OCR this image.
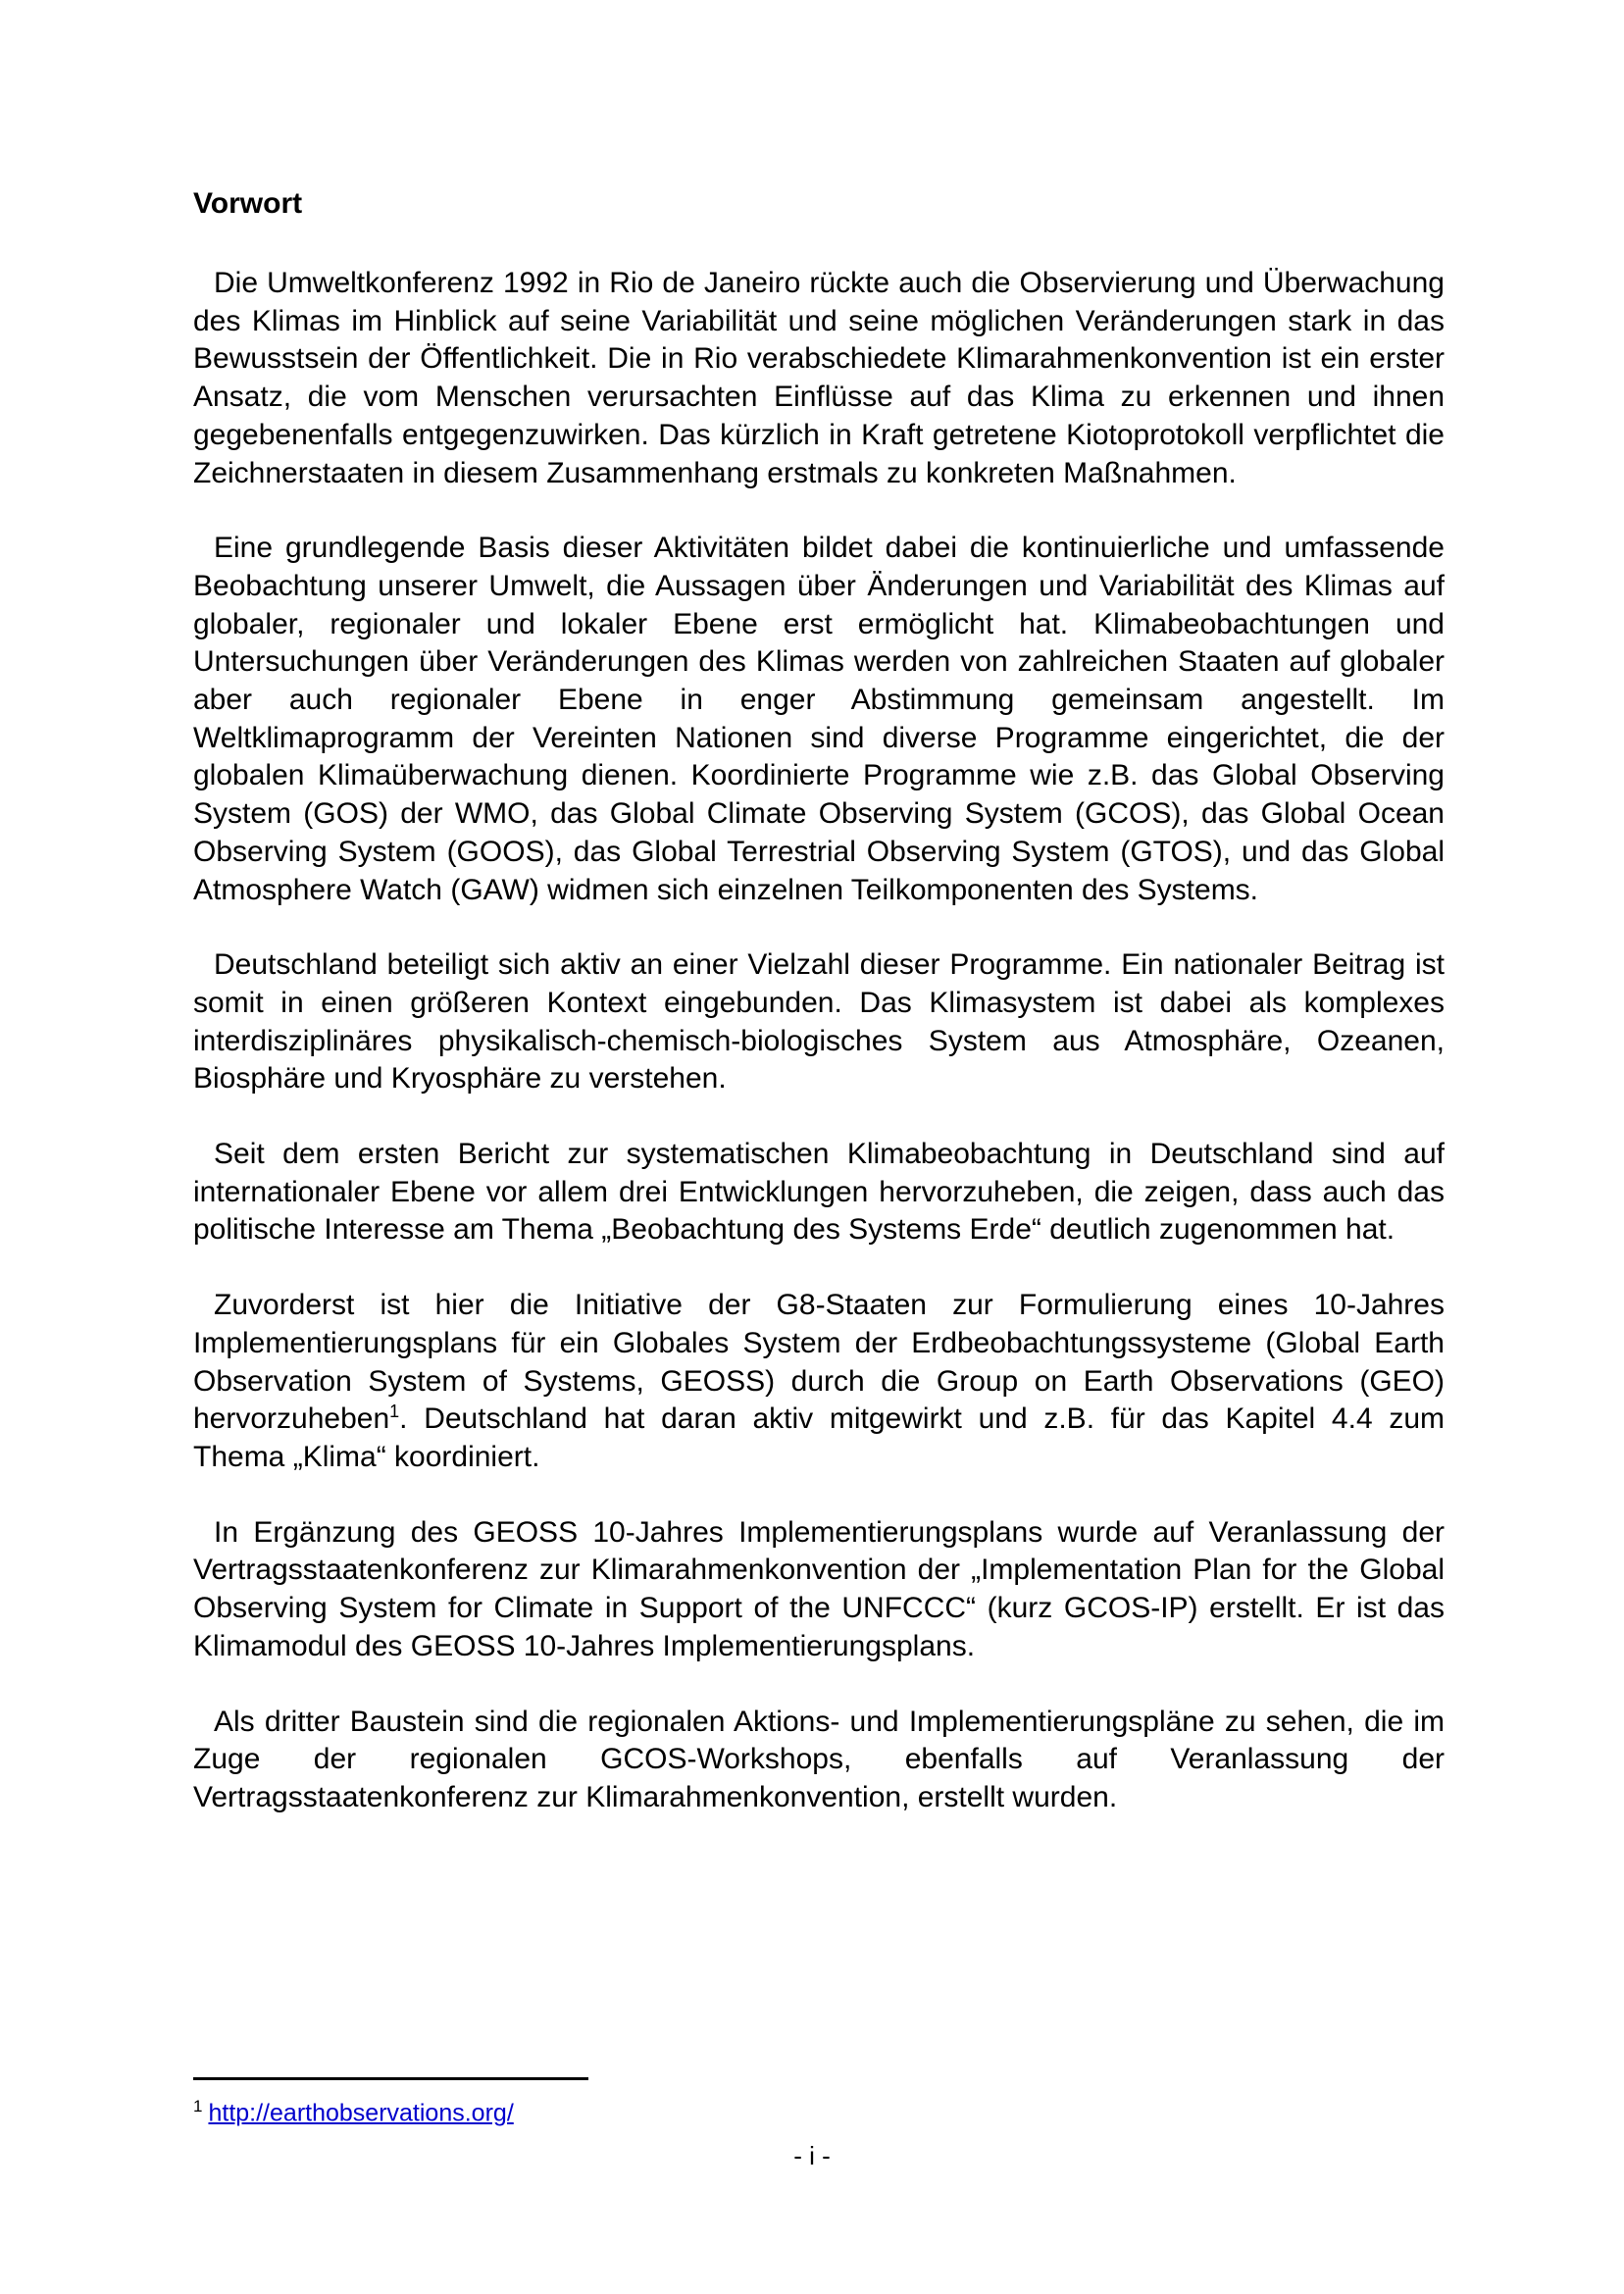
Vorwort

Die Umweltkonferenz 1992 in Rio de Janeiro rückte auch die Observierung und Überwachung des Klimas im Hinblick auf seine Variabilität und seine möglichen Veränderungen stark in das Bewusstsein der Öffentlichkeit. Die in Rio verabschiedete Klimarahmenkonvention ist ein erster Ansatz, die vom Menschen verursachten Einflüsse auf das Klima zu erkennen und ihnen gegebenenfalls entgegenzuwirken. Das kürzlich in Kraft getretene Kiotoprotokoll verpflichtet die Zeichnerstaaten in diesem Zusammenhang erstmals zu konkreten Maßnahmen.

Eine grundlegende Basis dieser Aktivitäten bildet dabei die kontinuierliche und umfassende Beobachtung unserer Umwelt, die Aussagen über Änderungen und Variabilität des Klimas auf globaler, regionaler und lokaler Ebene erst ermöglicht hat. Klimabeobachtungen und Untersuchungen über Veränderungen des Klimas werden von zahlreichen Staaten auf globaler aber auch regionaler Ebene in enger Abstimmung gemeinsam angestellt. Im Weltklimaprogramm der Vereinten Nationen sind diverse Programme eingerichtet, die der globalen Klimaüberwachung dienen. Koordinierte Programme wie z.B. das Global Observing System (GOS) der WMO, das Global Climate Observing System (GCOS), das Global Ocean Observing System (GOOS), das Global Terrestrial Observing System (GTOS), und das Global Atmosphere Watch (GAW) widmen sich einzelnen Teilkomponenten des Systems.

Deutschland beteiligt sich aktiv an einer Vielzahl dieser Programme. Ein nationaler Beitrag ist somit in einen größeren Kontext eingebunden. Das Klimasystem ist dabei als komplexes interdisziplinäres physikalisch-chemisch-biologisches System aus Atmosphäre, Ozeanen, Biosphäre und Kryosphäre zu verstehen.

Seit dem ersten Bericht zur systematischen Klimabeobachtung in Deutschland sind auf internationaler Ebene vor allem drei Entwicklungen hervorzuheben, die zeigen, dass auch das politische Interesse am Thema „Beobachtung des Systems Erde“ deutlich zugenommen hat.

Zuvorderst ist hier die Initiative der G8-Staaten zur Formulierung eines 10-Jahres Implementierungsplans für ein Globales System der Erdbeobachtungssysteme (Global Earth Observation System of Systems, GEOSS) durch die Group on Earth Observations (GEO) hervorzuheben$^1$. Deutschland hat daran aktiv mitgewirkt und z.B. für das Kapitel 4.4 zum Thema „Klima“ koordiniert.

In Ergänzung des GEOSS 10-Jahres Implementierungsplans wurde auf Veranlassung der Vertragsstaatenkonferenz zur Klimarahmenkonvention der „Implementation Plan for the Global Observing System for Climate in Support of the UNFCCC“ (kurz GCOS-IP) erstellt. Er ist das Klimamodul des GEOSS 10-Jahres Implementierungsplans.

Als dritter Baustein sind die regionalen Aktions- und Implementierungspläne zu sehen, die im Zuge der regionalen GCOS-Workshops, ebenfalls auf Veranlassung der Vertragsstaatenkonferenz zur Klimarahmenkonvention, erstellt wurden.

$^1$ http://earthobservations.org/
- i -
